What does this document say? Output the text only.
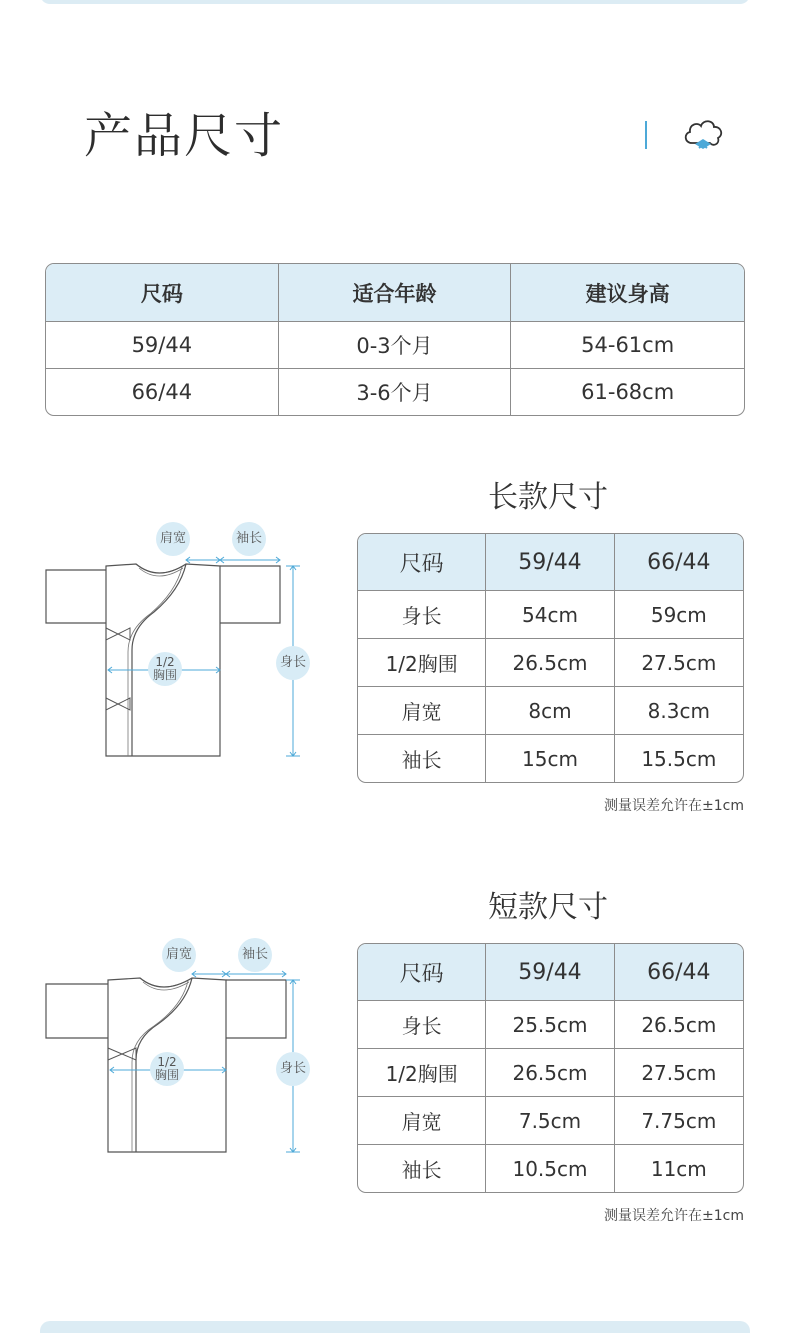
产品尺寸
尺码	适合年龄	建议身高
59/44	0-3个月	54-61cm
66/44	3-6个月	61-68cm
长款尺寸
肩宽	袖长
身长
1/2
胸围
尺码	59/44	66/44
身长	54cm	59cm
1/2胸围	26.5cm	27.5cm
肩宽	8cm	8.3cm
袖长	15cm	15.5cm
测量误差允许在±1cm
短款尺寸
肩宽	袖长
身长
1/2
胸围
尺码	59/44	66/44
身长	25.5cm	26.5cm
1/2胸围	26.5cm	27.5cm
肩宽	7.5cm	7.75cm
袖长	10.5cm	11cm
测量误差允许在±1cm
